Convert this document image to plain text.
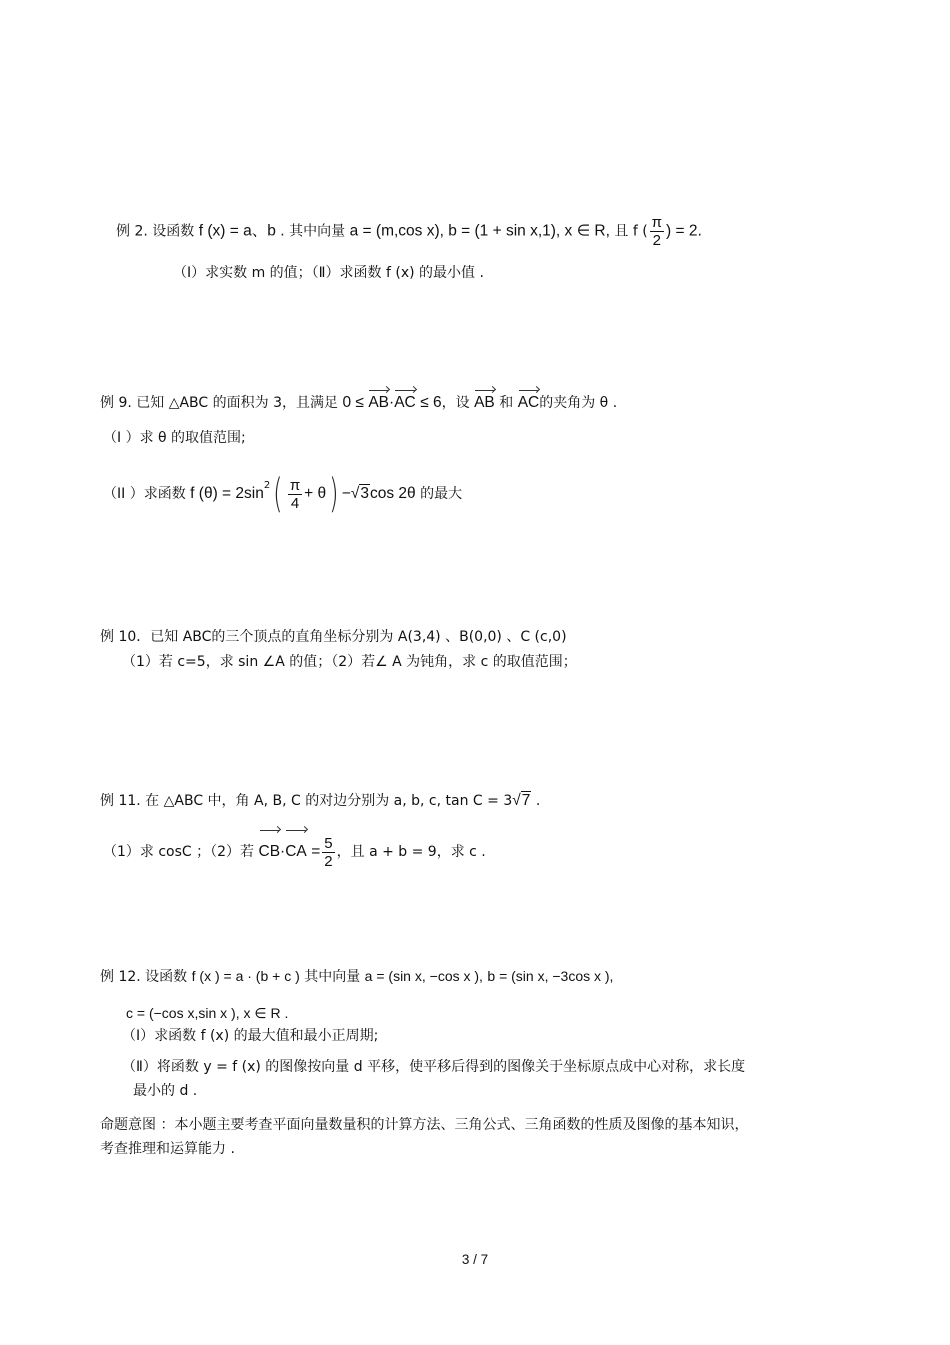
例 2. 设函数 f (x) = a、b . 其中向量 a = (m,cos x), b = (1 + sin x,1), x ∈ R, 且 f ( $\frac{\pi}{2}$ ) = 2.
（Ⅰ）求实数 m 的值；（Ⅱ）求函数 f (x) 的最小值 .
例 9. 已知 △ABC 的面积为 3，且满足 0 ≤ AB·AC ≤ 6，设 AB 和 AC的夹角为 θ .
（I ）求 θ 的取值范围;
（II ）求函数 f $(\theta) = 2\sin^2( \frac{\pi}{4} + \theta) -√3\cos$ 2θ 的最大
例 10．已知 ABC的三个顶点的直角坐标分别为 A(3,4) 、B(0,0) 、C (c,0)
（1）若 c=5，求 sin ∠A 的值；（2）若∠ A 为钝角，求 c 的取值范围；
例 11. 在 △ABC 中，角 A, B, C 的对边分别为 a, b, c, tan C = 3√7 .
（1）求 cosC ；（2）若 $CB\cdot CA = \frac{5}{2}$ ，且 a + b = 9，求 c .
例 12. 设函数 f (x ) = a · (b + c ) 其中向量 a = (sin x, −cos x ), b = (sin x, −3cos x ),
c = (−cos x,sin x ), x ∈ R .
（Ⅰ）求函数 f (x) 的最大值和最小正周期;
（Ⅱ）将函数 y = f (x) 的图像按向量 d 平移，使平移后得到的图像关于坐标原点成中心对称，求长度
最小的 d .
命题意图 ：本小题主要考查平面向量数量积的计算方法、三角公式、三角函数的性质及图像的基本知识，
考查推理和运算能力 .
3 / 7
